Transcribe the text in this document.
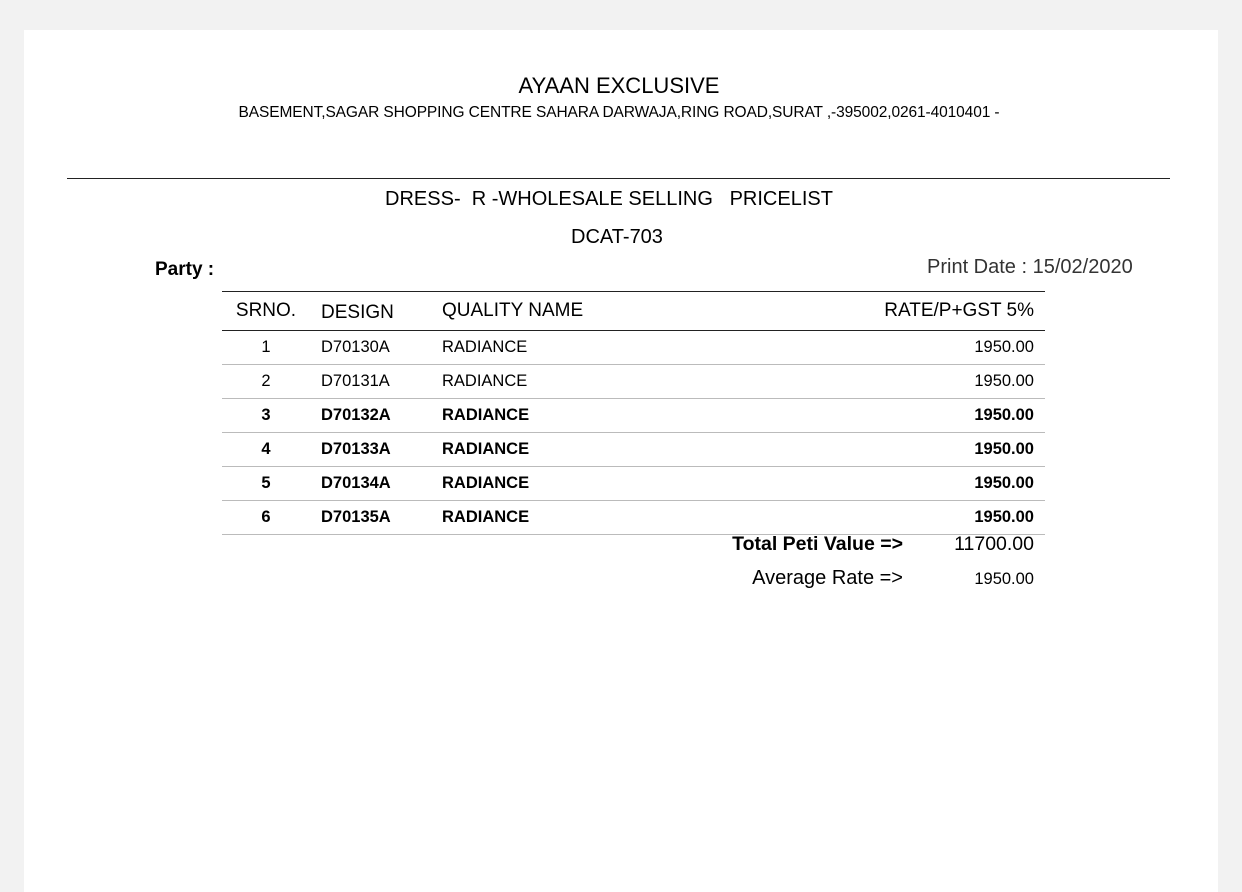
AYAAN EXCLUSIVE
BASEMENT,SAGAR SHOPPING CENTRE SAHARA DARWAJA,RING ROAD,SURAT ,-395002,0261-4010401 -
DRESS-  R -WHOLESALE SELLING   PRICELIST
DCAT-703
Party :	Print Date : 15/02/2020
SRNO.	DESIGN	QUALITY NAME	RATE/P+GST 5%
1	D70130A	RADIANCE	1950.00
2	D70131A	RADIANCE	1950.00
3	D70132A	RADIANCE	1950.00
4	D70133A	RADIANCE	1950.00
5	D70134A	RADIANCE	1950.00
6	D70135A	RADIANCE	1950.00
Total Peti Value =>	11700.00
Average Rate =>	1950.00
